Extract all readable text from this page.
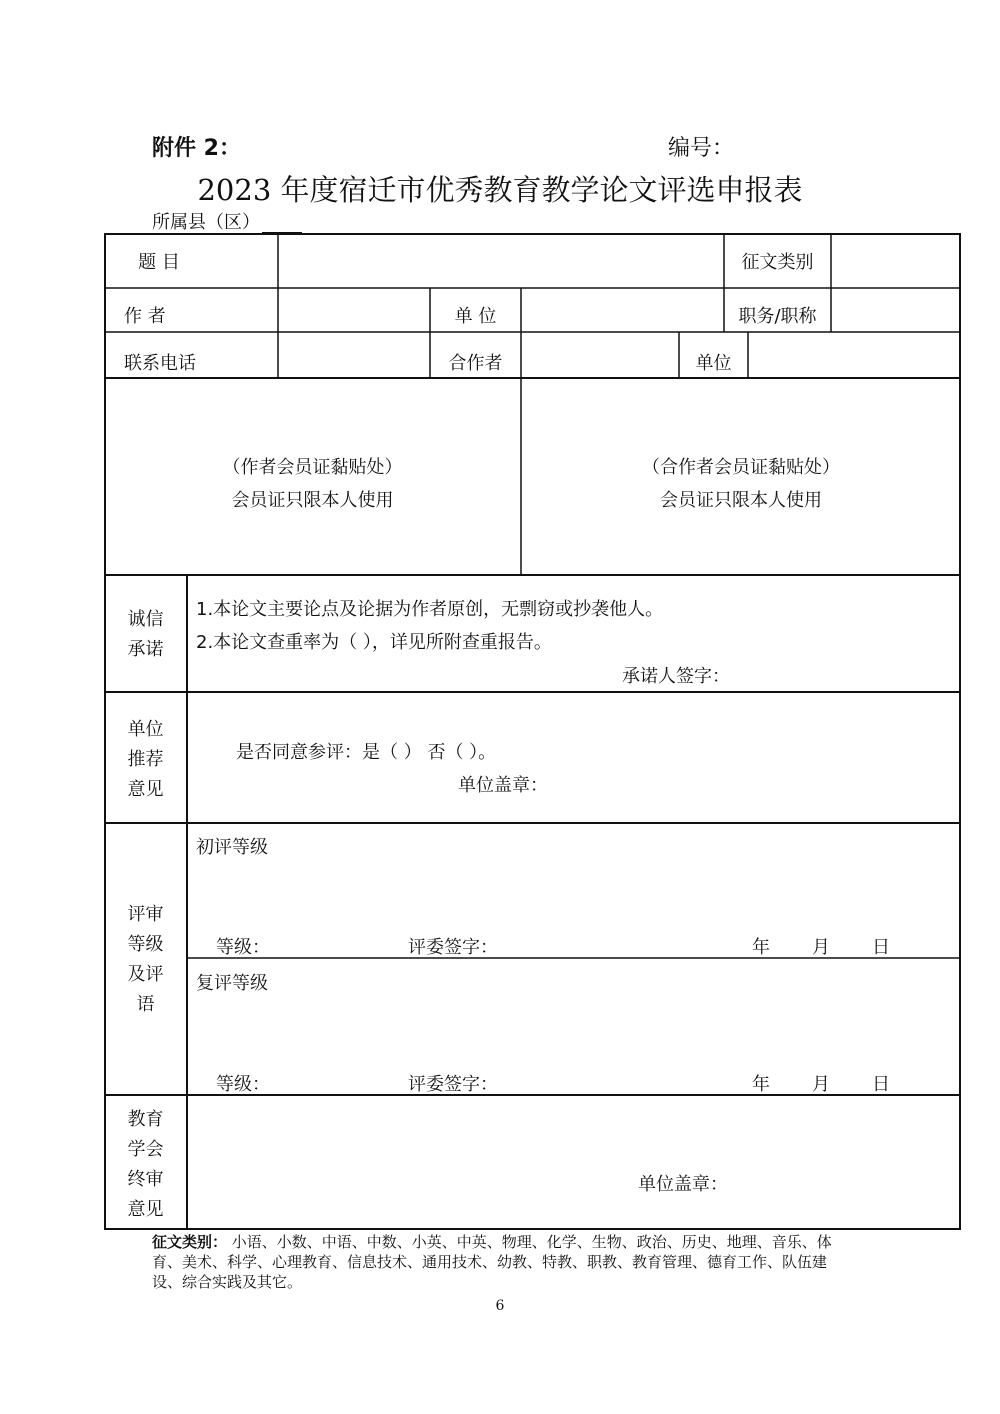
附件 2：	编号：
2023 年度宿迁市优秀教育教学论文评选申报表
所属县（区）
题 目	征文类别
作 者	单 位	职务/职称
联系电话	合作者	单位
（作者会员证黏贴处）
会员证只限本人使用
（合作者会员证黏贴处）
会员证只限本人使用
诚信
承诺
1.本论文主要论点及论据为作者原创，无剽窃或抄袭他人。
2.本论文查重率为（ ），详见所附查重报告。
承诺人签字：
单位
推荐
意见
是否同意参评：是（ ） 否（ ）。
单位盖章：
评审
等级
及评
语
初评等级
等级：	评委签字：	年 月 日
复评等级
等级：	评委签字：	年 月 日
教育
学会
终审
意见
单位盖章：
征文类别： 小语、小数、中语、中数、小英、中英、物理、化学、生物、政治、历史、地理、音乐、体育、美术、科学、心理教育、信息技术、通用技术、幼教、特教、职教、教育管理、德育工作、队伍建设、综合实践及其它。
6
